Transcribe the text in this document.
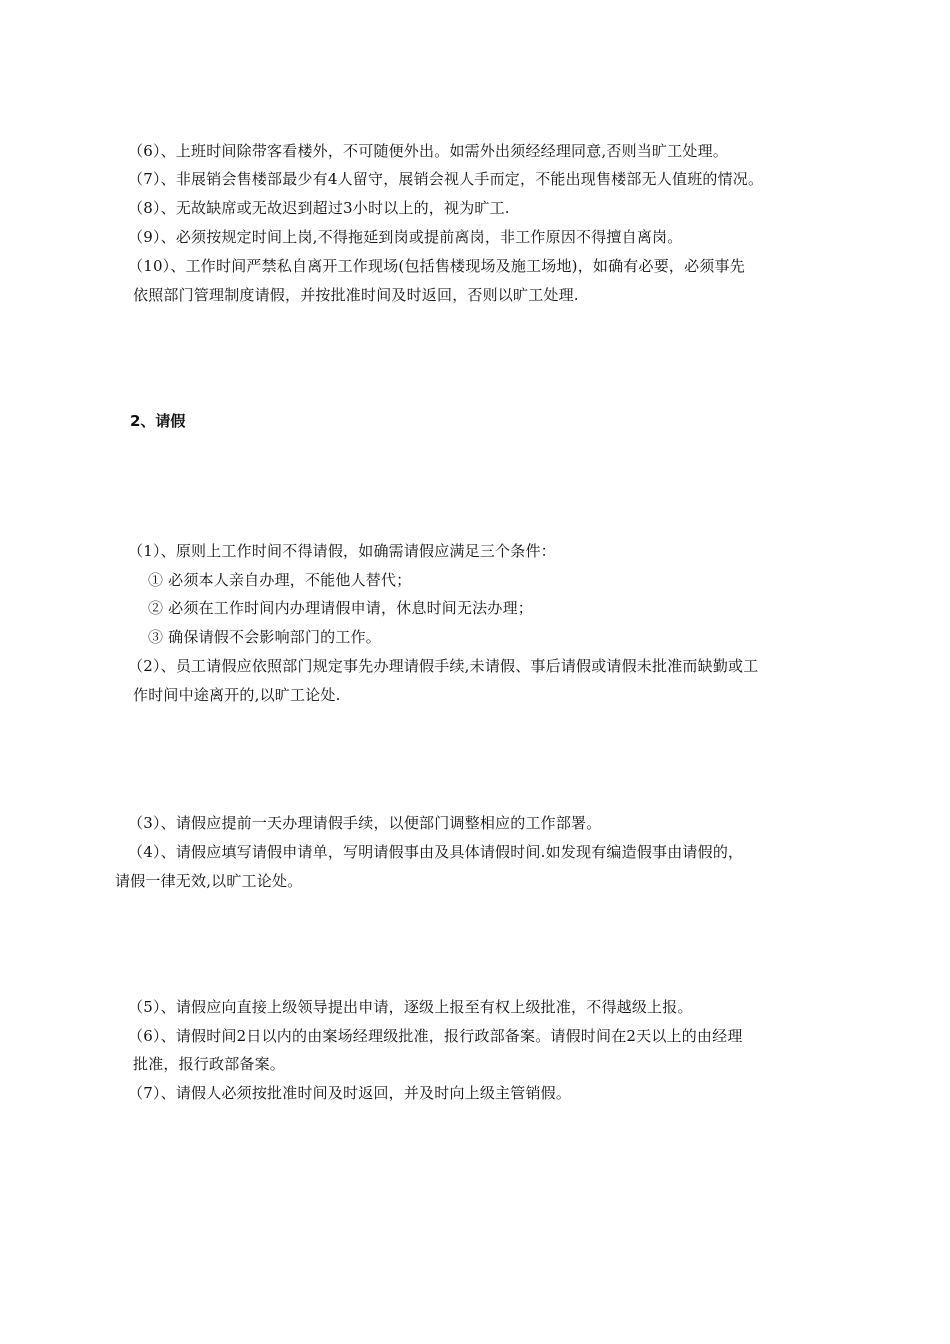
（6）、上班时间除带客看楼外，不可随便外出。如需外出须经经理同意,否则当旷工处理。

（7）、非展销会售楼部最少有4人留守，展销会视人手而定，不能出现售楼部无人值班的情况。

（8）、无故缺席或无故迟到超过3小时以上的，视为旷工.

（9）、必须按规定时间上岗,不得拖延到岗或提前离岗，非工作原因不得擅自离岗。

（10）、工作时间严禁私自离开工作现场(包括售楼现场及施工场地)，如确有必要，必须事先

依照部门管理制度请假，并按批准时间及时返回，否则以旷工处理.

2、请假

（1）、原则上工作时间不得请假，如确需请假应满足三个条件：

① 必须本人亲自办理，不能他人替代；

② 必须在工作时间内办理请假申请，休息时间无法办理；

③ 确保请假不会影响部门的工作。

（2）、员工请假应依照部门规定事先办理请假手续,未请假、事后请假或请假未批准而缺勤或工

作时间中途离开的,以旷工论处.

（3）、请假应提前一天办理请假手续，以便部门调整相应的工作部署。

（4）、请假应填写请假申请单，写明请假事由及具体请假时间.如发现有编造假事由请假的，

请假一律无效,以旷工论处。

（5）、请假应向直接上级领导提出申请，逐级上报至有权上级批准，不得越级上报。

（6）、请假时间2日以内的由案场经理级批准，报行政部备案。请假时间在2天以上的由经理

批准，报行政部备案。

（7）、请假人必须按批准时间及时返回，并及时向上级主管销假。
